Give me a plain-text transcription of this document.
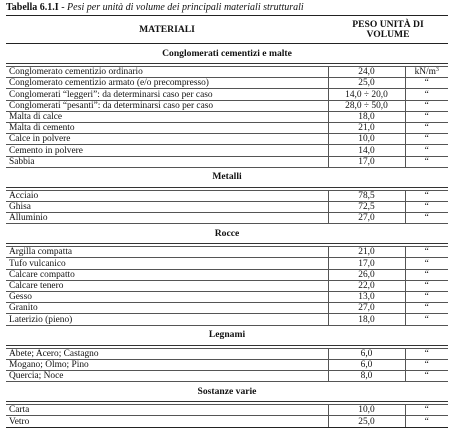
Tabella 6.1.I - Pesi per unità di volume dei principali materiali strutturali
MATERIALI	PESO UNITÀ DI
VOLUME	
Conglomerati cementizi e malte		

Conglomerato cementizio ordinario	24,0	$kN/m^3$
Conglomerato cementizio armato (e/o precompresso)	25,0	“
Conglomerati “leggeri”: da determinarsi caso per caso	14,0 ÷ 20,0	“
Conglomerati “pesanti”: da determinarsi caso per caso	28,0 ÷ 50,0	“
Malta di calce	18,0	“
Malta di cemento	21,0	“
Calce in polvere	10,0	“
Cemento in polvere	14,0	“
Sabbia	17,0	“
Metalli		

Acciaio	78,5	“
Ghisa	72,5	“
Alluminio	27,0	“
Rocce		

Argilla compatta	21,0	“
Tufo vulcanico	17,0	“
Calcare compatto	26,0	“
Calcare tenero	22,0	“
Gesso	13,0	“
Granito	27,0	“
Laterizio (pieno)	18,0	“
Legnami		

Abete; Acero; Castagno	6,0	“
Mogano; Olmo; Pino	6,0	“
Quercia; Noce	8,0	“
Sostanze varie		

Carta	10,0	“
Vetro	25,0	“
